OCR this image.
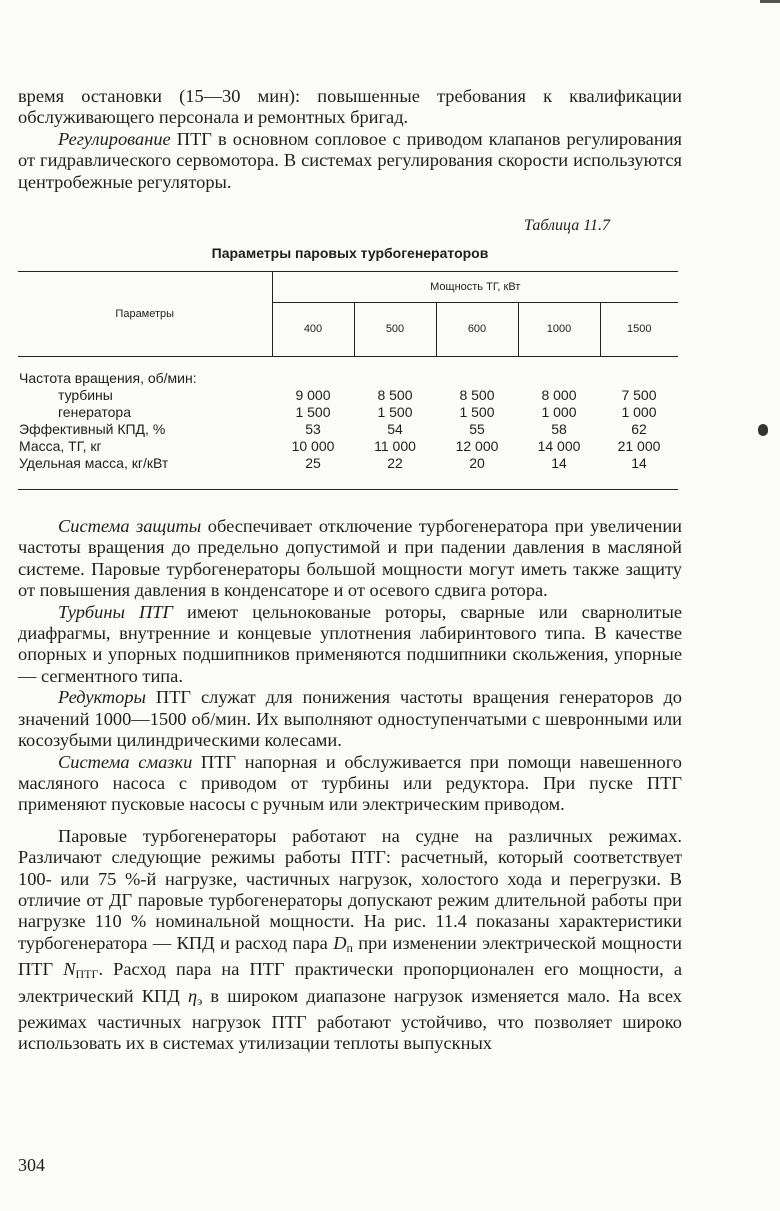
время остановки (15—30 мин): повышенные требования к квалификации обслуживающего персонала и ремонтных бригад.

Регулирование ПТГ в основном сопловое с приводом клапанов регулирования от гидравлического сервомотора. В системах регулирования скорости используются центробежные регуляторы.

Таблица 11.7
Параметры паровых турбогенераторов
Параметры	Мощность ТГ, кВт				
	400	500	600	1000	1500
Частота вращения, об/мин:					
турбины	9 000	8 500	8 500	8 000	7 500
генератора	1 500	1 500	1 500	1 000	1 000
Эффективный КПД, %	53	54	55	58	62
Масса, ТГ, кг	10 000	11 000	12 000	14 000	21 000
Удельная масса, кг/кВт	25	22	20	14	14

Система защиты обеспечивает отключение турбогенератора при увеличении частоты вращения до предельно допустимой и при падении давления в масляной системе. Паровые турбогенераторы большой мощности могут иметь также защиту от повышения давления в конденсаторе и от осевого сдвига ротора.

Турбины ПТГ имеют цельнокованые роторы, сварные или сварнолитые диафрагмы, внутренние и концевые уплотнения лабиринтового типа. В качестве опорных и упорных подшипников применяются подшипники скольжения, упорные — сегментного типа.

Редукторы ПТГ служат для понижения частоты вращения генераторов до значений 1000—1500 об/мин. Их выполняют одноступенчатыми с шевронными или косозубыми цилиндрическими колесами.

Система смазки ПТГ напорная и обслуживается при помощи навешенного масляного насоса с приводом от турбины или редуктора. При пуске ПТГ применяют пусковые насосы с ручным или электрическим приводом.

Паровые турбогенераторы работают на судне на различных режимах. Различают следующие режимы работы ПТГ: расчетный, который соответствует 100- или 75 %-й нагрузке, частичных нагрузок, холостого хода и перегрузки. В отличие от ДГ паровые турбогенераторы допускают режим длительной работы при нагрузке 110 % номинальной мощности. На рис. 11.4 показаны характеристики турбогенератора — КПД и расход пара Dп при изменении электрической мощности ПТГ NПТГ. Расход пара на ПТГ практически пропорционален его мощности, а электрический КПД ηэ в широком диапазоне нагрузок изменяется мало. На всех режимах частичных нагрузок ПТГ работают устойчиво, что позволяет широко использовать их в системах утилизации теплоты выпускных

304
